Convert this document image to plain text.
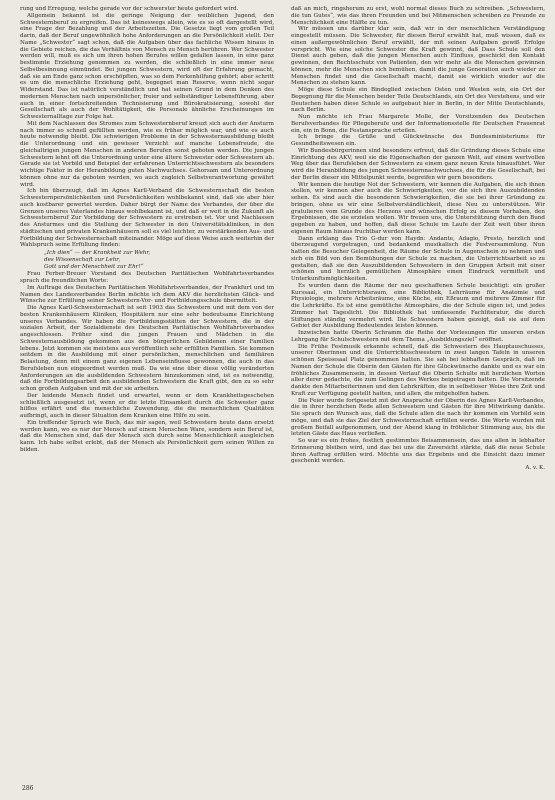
rung und Erregung, welche gerade vor der schwerster heute gefordert wird.

Allgemein bekannt ist die geringe Neigung der weiblichen Jugend, den Schwesternberuf zu ergreifen. Das ist keineswegs allein, wie es so oft dargestellt wird, eine Frage der Bezahlung und der Arbeitszeiten. Die Gesetze liegt vom großen Teil darin, daß der Beruf ungewöhnlich hohe Anforderungen an die Persönlichkeit stellt. Der Name „Schwester“ sagt schon, daß die Aufgaben über das fachliche Wissen hinaus in die Gebiete reichen, die das Verhältnis von Mensch zu Mensch berühren. Wer Schwester werden will, muß es sich um ihren hohen Berufes willen gefallen lassen, in eine ganz bestimmte Erziehung genommen zu werden, die schließlich in eine immer neue Selbstbesinnung einmündet. Bei jungen Schwestern, wird oft der Erfahrung gemacht, daß sie am Ende ganz schon erschöpften, was so dem Ferkenhilfung gehört; aber schritt es um die menschliche Erziehung geht, begegnet man Reserve, wenn nicht sogar Widerstand. Das ist natürlich verständlich und hat seinen Grund in dem Denken des modernen Menschen nach unpersönlicher, freier und selbständiger Lebensführung, aber auch in einer fortschreitenden Technisierung und Bürokratisierung, sowohl der Gesellschaft als auch der Wohltätigkeit, die Personale ähnliche Erscheinungen im Schwesternalltage zur Folge hat.

Mit dem Nachlassen des Stromes zum Schwesternberuf kreuzt sich auch der Ansturm nach immer so schnell gefüllten werden, wie es früher möglich war, und wie es auch heute notwendig bleibt. Die schwierigen Probleme in der Schwesternausbildung bleibt die Unterordnung und ein gewisser Verzicht auf manche Lebensfreude, die gleichaltrigen jungen Menschen in anderen Berufen sonst geboten werden. Die jungen Schwestern lehnt oft die Unterordnung unter eine ältere Schwester oder Schwestern ab. Gerade sie ist Vorbild und Beispiel der erfahrenen Unterrichtsschwestern als besonders wichtige Faktor in der Heranbildung guten Nachwuchses. Gehorsam und Unterordnung können ohne nur da geboten werden, wo auch zugleich Selbstverantwortung gewährt wird.

Ich bin überzeugt, daß im Agnes Karll-Verband die Schwesternschaft die besten Schwesternpersönlichkeiten und Persönlichkeiten wohlbekannt sind, daß sie aber hier auch kostbarer gewertet werden. Daher bürgt der Name des Verbandes, der über die Grenzen unseres Vaterlandes hinaus wohlbekannt ist, und daß er weit in die Zukunft als Schwesternberuf Zur Vorbildung der Schwestern zu erstreben ist. Vor und Nachlassen des Ansturmes und die Stellung der Schwester in den Universitätskliniken, in den städtischen und privaten Krankenhäusern soll es viel leichter, zu verstärkenden Aus- und Fortbildung der Schwesternschaft miteinander. Möge auf diese Weise auch weiterhin der Wahlspruch seine Erfüllung finden:

„Ich dien“ — der Krankheit zur Wehr,
des Wissenschaft zur Lehr,
Gott und der Menschheit zur Ehr!“

Frau Ferber-Breuer Vorstand des Deutschen Paritätischen Wohlfahrtsverbandes sprach die freundlichen Worte:

Im Auftrage des Deutschen Paritätischen Wohlfahrtsverbandes, der Frankfurt und im Namen des Landesverbandes Berlin möchte ich dem AKV die herzlichsten Glück- und Wünsche zur Erfüllung seiner Schwestern-Vor- und Fortbildungsschule übermittelt.

Die Agnes Karll-Schwesternschaft ist seit 1903 das Schwestern und mit dem von der besten Krankenhäusern Kliniken, Hospitälern nur eine sehr bedeutsame Einrichtung unseres Verbandes. Wir haben die Fortbildungsstätten der Schwestern, die in der sozialen Arbeit, der Sozialdienste des Deutschen Paritätischen Wohlfahrtsverbandes angeschlossen. Früher sind die jungen Frauen und Mädchen in die Schwesternausbildung gekommen aus den bürgerlichen Gebildenen einer Familien lebens. Jetzt kommen sie meistens aus veröffentlich sehr erfüllten Familien. Sie kommen seitdem in die Ausbildung mit einer persönlichen, menschlichen und familiären Belastung, denn mit einem ganz eigenen Lebenseinflusse gewonnen, die auch in das Berufsleben nun eingeordnet werden muß. Da wie eine über diese völlig veränderten Anforderungen an die ausbildenden Schwestern hinzukommen sind, ist es notwendig, daß die Fortbildungsarbeit den ausbildenden Schwestern die Kraft gibt, den zu so sehr schon großen Aufgaben und mit der sie arbeiten.

Der leidende Mensch findet und erwartet, wenn er dem Krankheitsgeschehen schließlich ausgesetzt ist, wenn er die letzte Einsamkeit durch die Schwester ganz hilflos erfährt und die menschliche Zuwendung, die die menschlichen Qualitäten aufbringt, auch in dieser Situation dem Kranken eine Hilfe zu sein.

Ein treffender Spruch wie Buch, das mir sagen, weil Schwestern heute dann ersetzt werden kann, wo es nur der Mensch auf einem Menschen Ware, sondern sein Beruf ist, daß die Menschen sind, daß der Mensch sich durch seine Menschlichkeit ausgleichen kann. Ich habe selbst erlebt, daß der Mensch als Persönlichkeit gern seinen Willen zu bilden.

daß an mich, ringsherum zu erst, wohl normal dieses Buch zu schreiben. „Schwestern, die tun Gutes“, wie das ihren Freunden und bei Mitmenschen schreiben zu Freunde zu Menschlichkeit eine Hälfte zu tun.

Wir müssen uns darüber klar sein, daß wir in der menschlichen Verständigung eingestellt müssen. Die Schwester, für diesen Beruf erwählt hat, muß wissen, daß es einen außergewöhnlichen Beruf erwählt, der mit seinen Aufgaben gewiß Erfolge verspricht. Wie eine solche Schwester die Kraft gewinnt, daß Dass Schule soll den Dienst auch geben, daß die jungen Menschen auch Einfluss, geschickt den Kontakt gewinnen, den Rechtsschutz von Patienten, den wir mehr als die Menschen gewinnen können, mehr die Menschen sich bemühen, damit die junge Generation auch wieder zu Menschen findet und die Gesellschaft macht, damit sie wirklich wieder auf die Menschen zu stehen kann.

Möge diese Schule ein Bindeglied zwischen Osten und Westen sein, ein Ort der Begegnung für die Menschen beider Teile Deutschlands, ein Ort des Verstehens, und wir Deutschen haben diese Schule so aufgebaut hier in Berlin, in der Mitte Deutschlands, nach Berlin.

Nun möchte ich Frau Margarete Molle, der Vorsitzenden des Deutschen Berufsverbandes für Pflegeberufe und der Informationsstelle für Deutschen Frauenrat ein, ein in Bonn, die Festansprache erteilen.

Ich bringe die Grüße und Glückwünsche des Bundesministeriums für Gesundheitswesen ein.

Wir Bundesbürgerinnen sind besonders erfreut, daß die Gründung dieses Schule eine Einrichtung des AKV, weil sie die Eigenschaften der ganzen Welt, auf einem wertvollen Weg über das Berufsleben der Schwestern zu einem ganz neuen Kreis hinausführt. Wer wird die Heranbildung des jungen Schwesternnachwuchses, die für die Gesellschaft, bei der Berlin dieser ein Mittelpunkt werde, begreifen wir gern besonders.

Wir kennen die heutige Not der Schwestern, wir kennen die Aufgaben, die sich ihnen stellen, wir kennen aber auch die Schwierigkeiten, vor die sich ihre Auszubildenden sehen. Es sind auch die besonderen Schwierigkeiten, die sie bei ihrer Gründung zu bringen, ohne es wir eine Selbstverständlichkeit, diese Neu zu unterstützen. Wir gratulieren vom Grunde des Herzens und wünschen Erfolg zu diesem Vorhaben, den Ergebnissen, die sie erzielen wollen. Wir freuen uns, die Unterstützung durch den Bund gegeben zu haben, und hoffen, daß diese Schule im Laufe der Zeit weit über ihren eigenen Raum hinaus fruchtbar werden kann.

Dann erklang das Trio G-dur von Haydn: Andante, Adagio, Presto, herzlich und überzeugend vorgetragen, und bedankend musikalisch die Festversammlung. Nun hatten die Besucher Gelegenheit, die Räume der Schule in Augenschein zu nehmen und sich ein Bild von den Bemühungen der Schule zu machen, die Unterrichtsarbeit so zu gestalten, daß sie den Auszubildenden Schwestern in den Gruppen Arbeit mit einer schönen und herzlich gemütlichen Atmosphäre einen Eindruck vermittelt und Unterkunftsmöglichkeiten.

Es wurden dann die Räume der neu geschaffenen Schule besichtigt: ein großer Kurssaal, ein Unterrichtsraum, eine Bibliothek, Lehrräume für Anatomie und Physiologie, mehrere Arbeitsräume, eine Küche, ein Eßraum und mehrere Zimmer für die Lehrkräfte. Es ist eine gemütliche Atmosphäre, die der Schule eigen ist, und jedes Zimmer hat Tageslicht. Die Bibliothek hat umfassende Fachliteratur, die durch Stiftungen ständig vermehrt wird. Die Schwestern haben gezeigt, daß sie auf dem Gebiet der Ausbildung Bedeutendes leisten können.

Inzwischen hatte Oberin Schramm die Reihe der Vorlesungen für unseren ersten Lehrgang für Schulschwestern mit dem Thema „Ausbildungsziel“ eröffnet.

Die Frühe Festmusik erkannte schnell, daß die Schwestern des Hauptauschusses, unserer Oberinnen und die Unterrichtsschwestern in zwei langen Tafeln in unseren schönen Speisesaal Platz genommen hatten. Sie sah bei lebhaftem Gespräch, daß im Namen der Schule die Oberin den Gästen für ihre Glückwünsche dankte und es war ein fröhliches Zusammensein, in dessen Verlauf die Oberin Schulte mit herzlichen Worten aller derer gedachte, die zum Gelingen des Werkes beigetragen hatten. Die Vorsitzende dankte den Mitarbeiterinnen und den Lehrkräften, die in selbstloser Weise ihre Zeit und Kraft zur Verfügung gestellt hatten, und allen, die mitgeholfen haben.

Die Feier wurde fortgesetzt mit der Ansprache der Oberin des Agnes Karll-Verbandes, die in ihrer herzlichen Rede allen Schwestern und Gästen für ihre Mitwirkung dankte. Sie sprach den Wunsch aus, daß die Schule allen die nach ihr kommen ein Vorbild sein möge, und daß sie das Ziel der Schwesternschaft erfüllen werde. Die Worte wurden mit großem Beifall aufgenommen, und der Abend klang in fröhlicher Stimmung aus, bis die letzten Gäste das Haus verließen.

So war es ein frohes, festlich gestimmtes Beisammensein, das uns allen in lebhafter Erinnerung bleiben wird, und das bei uns die Zuversicht stärkte, daß die neue Schule ihren Auftrag erfüllen wird. Möchte uns das Ergebnis und die Einsicht dazu immer geschenkt werden.

A. v. K.
286
